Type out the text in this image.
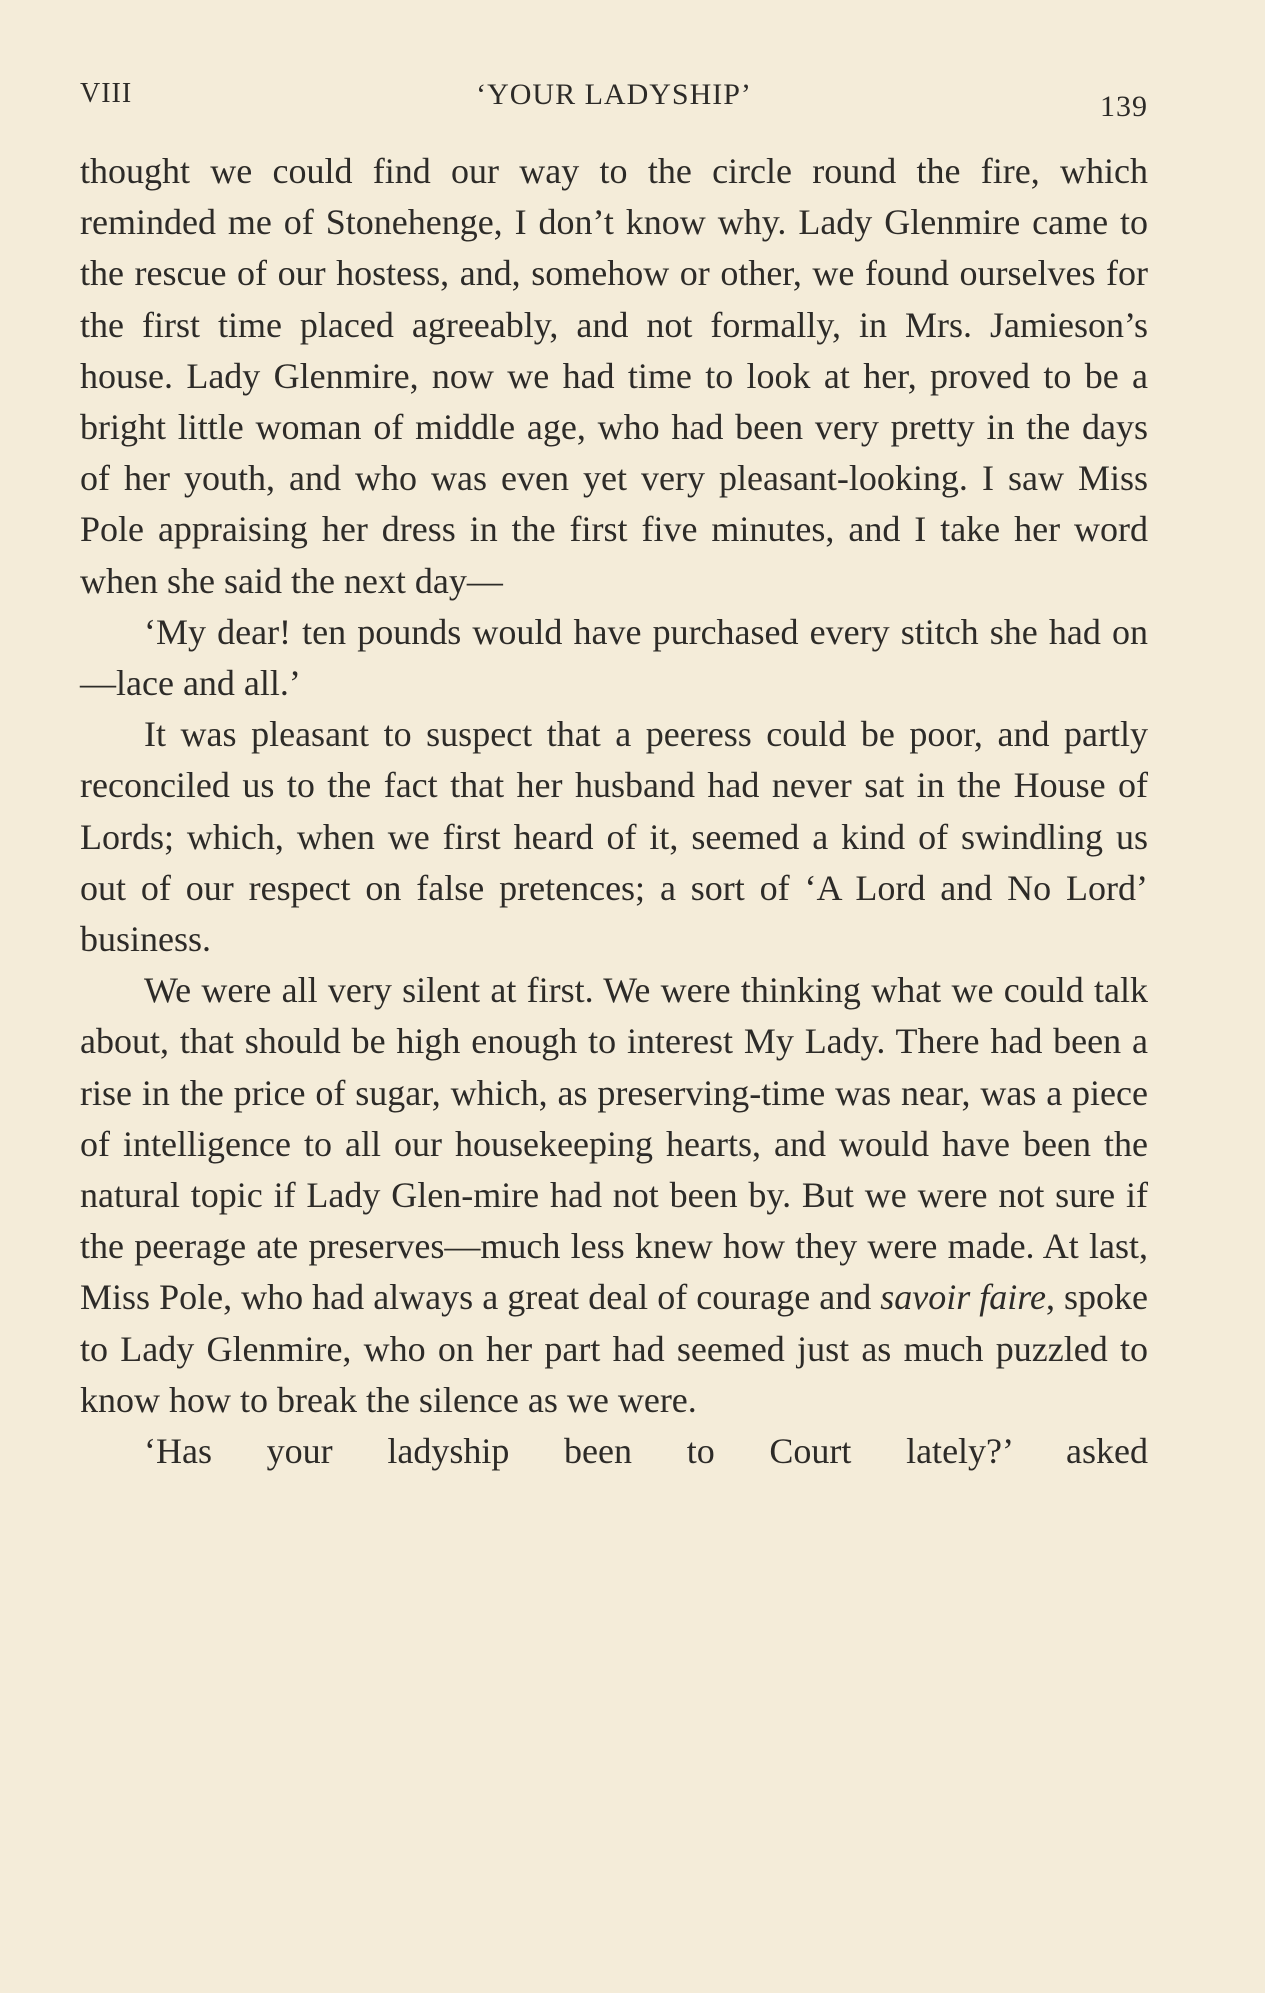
VIII	‘YOUR LADYSHIP’	139

thought we could find our way to the circle round the fire, which reminded me of Stonehenge, I don’t know why. Lady Glenmire came to the rescue of our hostess, and, somehow or other, we found ourselves for the first time placed agreeably, and not formally, in Mrs. Jamieson’s house. Lady Glenmire, now we had time to look at her, proved to be a bright little woman of middle age, who had been very pretty in the days of her youth, and who was even yet very pleasant-looking. I saw Miss Pole appraising her dress in the first five minutes, and I take her word when she said the next day—

‘My dear! ten pounds would have purchased every stitch she had on—lace and all.’

It was pleasant to suspect that a peeress could be poor, and partly reconciled us to the fact that her husband had never sat in the House of Lords; which, when we first heard of it, seemed a kind of swindling us out of our respect on false pretences; a sort of ‘A Lord and No Lord’ business.

We were all very silent at first. We were thinking what we could talk about, that should be high enough to interest My Lady. There had been a rise in the price of sugar, which, as preserving-time was near, was a piece of intelligence to all our housekeeping hearts, and would have been the natural topic if Lady Glen-mire had not been by. But we were not sure if the peerage ate preserves—much less knew how they were made. At last, Miss Pole, who had always a great deal of courage and savoir faire, spoke to Lady Glenmire, who on her part had seemed just as much puzzled to know how to break the silence as we were.

‘Has your ladyship been to Court lately?’ asked
